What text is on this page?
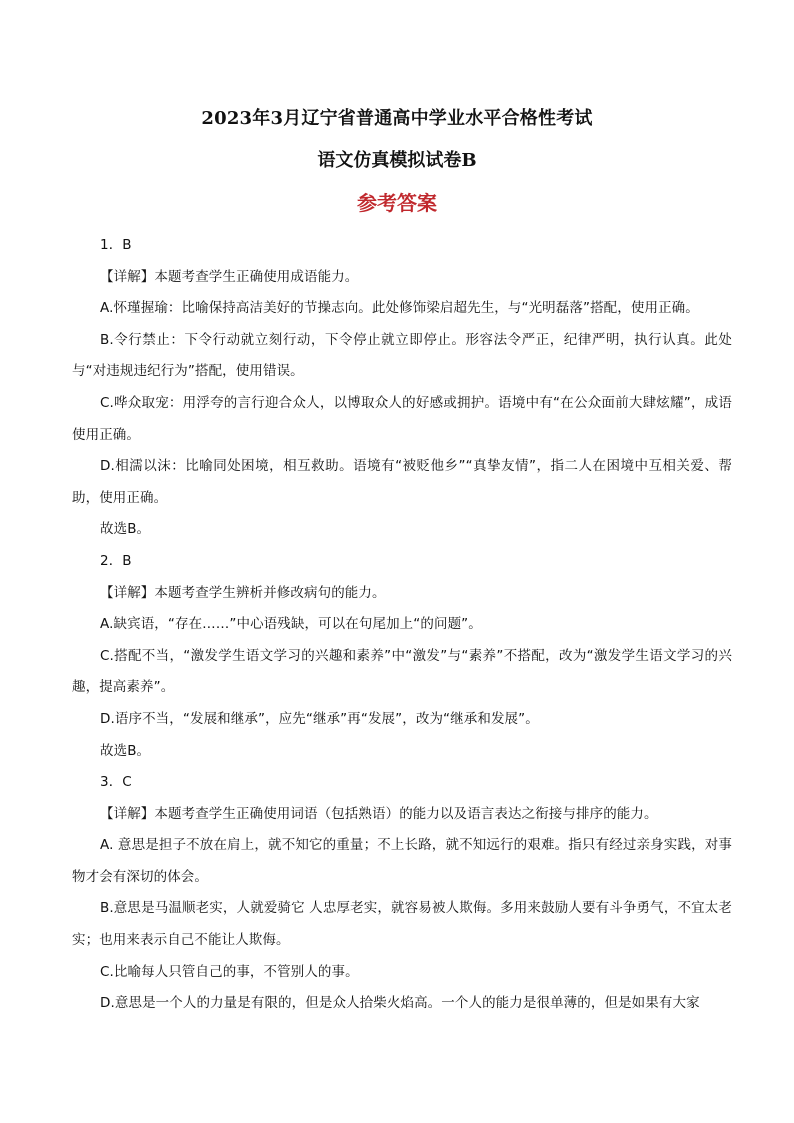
2023年3月辽宁省普通高中学业水平合格性考试
语文仿真模拟试卷B
参考答案

1．B

【详解】本题考查学生正确使用成语能力。

A.怀瑾握瑜：比喻保持高洁美好的节操志向。此处修饰梁启超先生，与“光明磊落”搭配，使用正确。

B.令行禁止：下令行动就立刻行动，下令停止就立即停止。形容法令严正，纪律严明，执行认真。此处与“对违规违纪行为”搭配，使用错误。

C.哗众取宠：用浮夸的言行迎合众人，以博取众人的好感或拥护。语境中有“在公众面前大肆炫耀”，成语使用正确。

D.相濡以沫：比喻同处困境，相互救助。语境有“被贬他乡”“真挚友情”，指二人在困境中互相关爱、帮助，使用正确。

故选B。

2．B

【详解】本题考查学生辨析并修改病句的能力。

A.缺宾语，“存在……”中心语残缺，可以在句尾加上“的问题”。

C.搭配不当，“激发学生语文学习的兴趣和素养”中“激发”与“素养”不搭配，改为“激发学生语文学习的兴趣，提高素养”。

D.语序不当，“发展和继承”，应先“继承”再“发展”，改为“继承和发展”。

故选B。

3．C

【详解】本题考查学生正确使用词语（包括熟语）的能力以及语言表达之衔接与排序的能力。

A. 意思是担子不放在肩上，就不知它的重量；不上长路，就不知远行的艰难。指只有经过亲身实践，对事物才会有深切的体会。

B.意思是马温顺老实，人就爱骑它 人忠厚老实，就容易被人欺侮。多用来鼓励人要有斗争勇气，不宜太老实；也用来表示自己不能让人欺侮。

C.比喻每人只管自己的事，不管别人的事。

D.意思是一个人的力量是有限的，但是众人拾柴火焰高。一个人的能力是很单薄的，但是如果有大家
